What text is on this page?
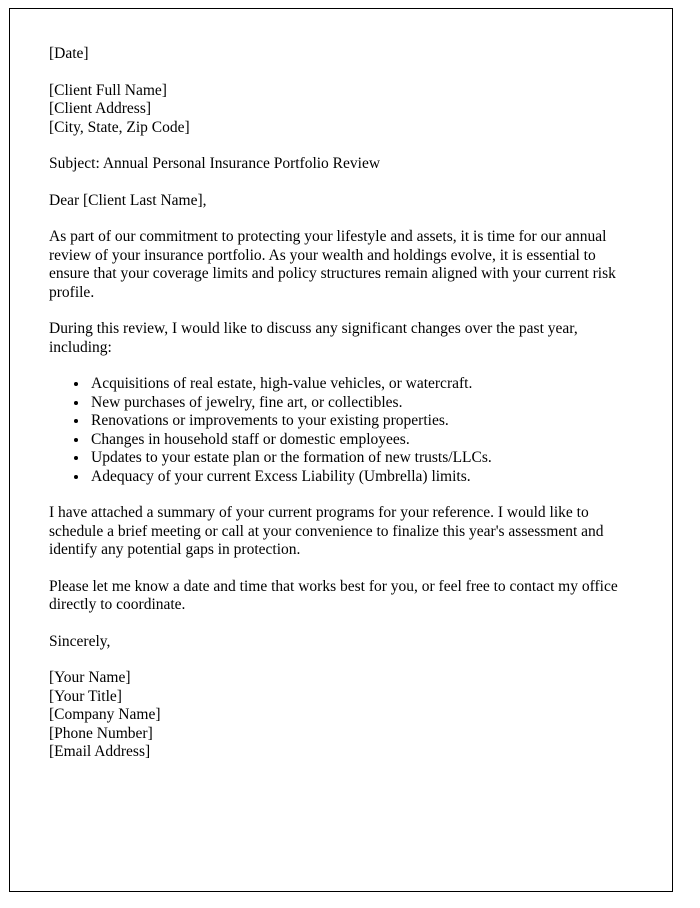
[Date]

[Client Full Name]
[Client Address]
[City, State, Zip Code]

Subject: Annual Personal Insurance Portfolio Review

Dear [Client Last Name],

As part of our commitment to protecting your lifestyle and assets, it is time for our annual review of your insurance portfolio. As your wealth and holdings evolve, it is essential to ensure that your coverage limits and policy structures remain aligned with your current risk profile.

During this review, I would like to discuss any significant changes over the past year, including:

• Acquisitions of real estate, high-value vehicles, or watercraft.
• New purchases of jewelry, fine art, or collectibles.
• Renovations or improvements to your existing properties.
• Changes in household staff or domestic employees.
• Updates to your estate plan or the formation of new trusts/LLCs.
• Adequacy of your current Excess Liability (Umbrella) limits.

I have attached a summary of your current programs for your reference. I would like to schedule a brief meeting or call at your convenience to finalize this year's assessment and identify any potential gaps in protection.

Please let me know a date and time that works best for you, or feel free to contact my office directly to coordinate.

Sincerely,

[Your Name]
[Your Title]
[Company Name]
[Phone Number]
[Email Address]
